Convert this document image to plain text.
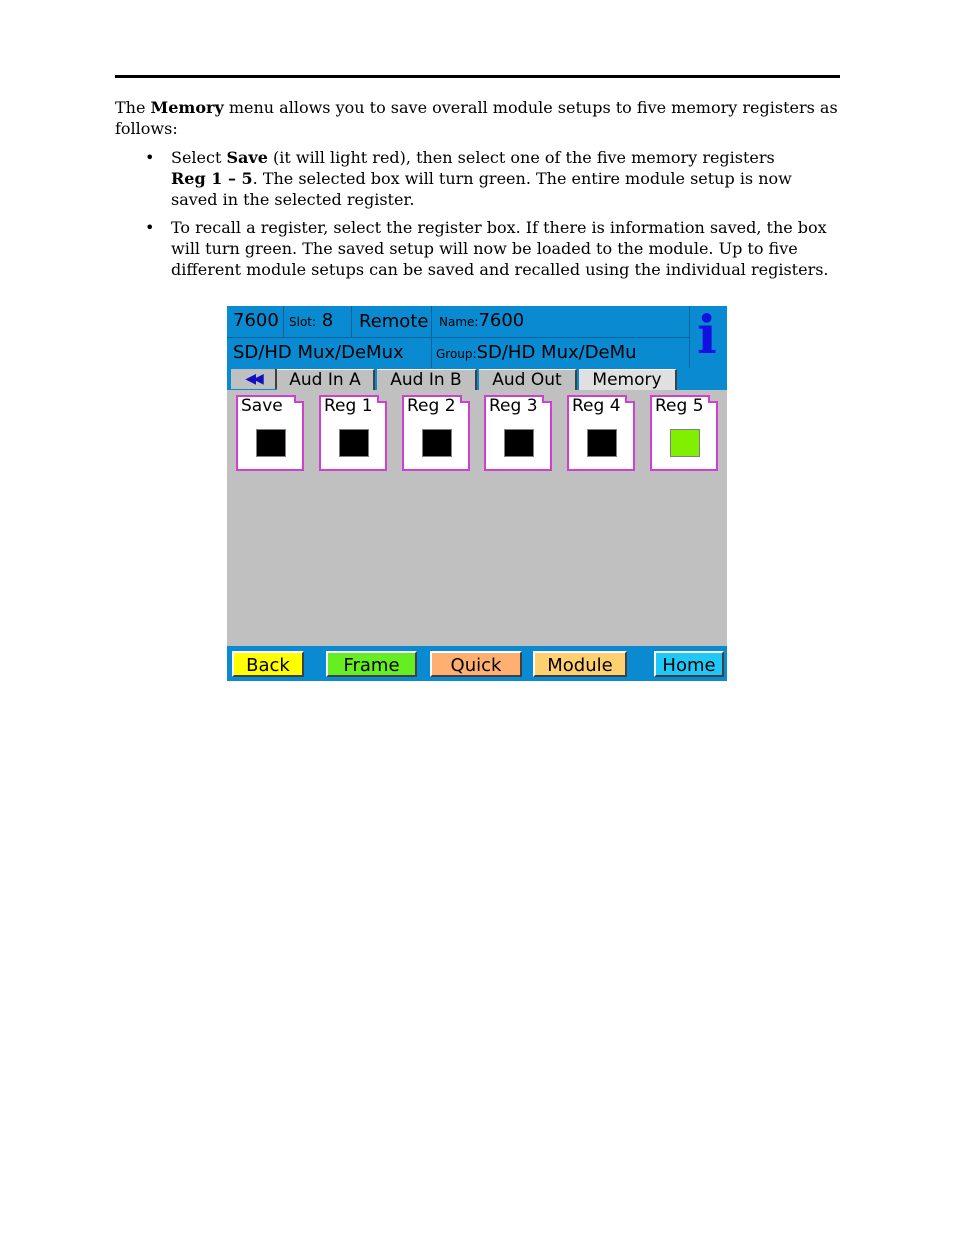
The Memory menu allows you to save overall module setups to five memory registers as follows:

• Select Save (it will light red), then select one of the five memory registers
Reg 1 – 5. The selected box will turn green. The entire module setup is now saved in the selected register.
• To recall a register, select the register box. If there is information saved, the box will turn green. The saved setup will now be loaded to the module. Up to five different module setups can be saved and recalled using the individual registers.
7600 Slot: 8 Remote Name:7600
SD/HD Mux/DeMux	Group:SD/HD Mux/DeMu i
◀◀	Aud In A	Aud In B	Aud Out	Memory
Save Reg 1 Reg 2 Reg 3 Reg 4 Reg 5
Back	Frame	Quick	Module	Home
